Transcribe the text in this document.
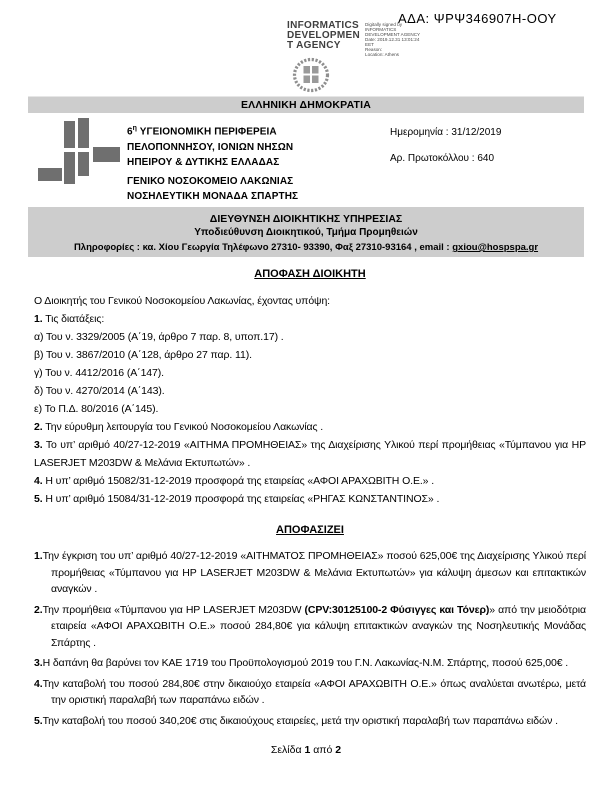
ΑΔΑ: ΨΡΨ346907Η-ΟΟΥ
INFORMATICS
DEVELOPMEN
T AGENCY
Digitally signed by
INFORMATICS
DEVELOPMENT AGENCY
Date: 2019.12.31 13:01:24
EET
Reason:
Location: Athens
ΕΛΛΗΝΙΚΗ ΔΗΜΟΚΡΑΤΙΑ

$6^\eta$ ΥΓΕΙΟΝΟΜΙΚΗ ΠΕΡΙΦΕΡΕΙΑ

ΠΕΛΟΠΟΝΝΗΣΟΥ, ΙΟΝΙΩΝ ΝΗΣΩΝ

ΗΠΕΙΡΟΥ & ΔΥΤΙΚΗΣ ΕΛΛΑΔΑΣ

ΓΕΝΙΚΟ ΝΟΣΟΚΟΜΕΙΟ ΛΑΚΩΝΙΑΣ

ΝΟΣΗΛΕΥΤΙΚΗ ΜΟΝΑΔΑ ΣΠΑΡΤΗΣ

Ημερομηνία : 31/12/2019

Αρ. Πρωτοκόλλου : 640

ΔΙΕΥΘΥΝΣΗ ΔΙΟΙΚΗΤΙΚΗΣ ΥΠΗΡΕΣΙΑΣ
Υποδιεύθυνση Διοικητικού, Τμήμα Προμηθειών
Πληροφορίες : κα. Χίου Γεωργία Τηλέφωνο 27310- 93390, Φαξ 27310-93164 , email : gxiou@hospspa.gr
ΑΠΟΦΑΣΗ ΔΙΟΙΚΗΤΗ

Ο Διοικητής του Γενικού Νοσοκομείου Λακωνίας, έχοντας υπόψη:

1. Τις διατάξεις:

α) Του ν. 3329/2005 (Α΄19, άρθρο 7 παρ. 8, υποπ.17) .

β) Του ν. 3867/2010 (Α΄128, άρθρο 27 παρ. 11).

γ) Του ν. 4412/2016 (Α΄147).

δ) Του ν. 4270/2014 (Α΄143).

ε) Το Π.Δ. 80/2016 (Α΄145).

2. Την εύρυθμη λειτουργία του Γενικού Νοσοκομείου Λακωνίας .

3. Το υπ’ αριθμό 40/27-12-2019 «ΑΙΤΗΜΑ ΠΡΟΜΗΘΕΙΑΣ» της Διαχείρισης Υλικού περί προμήθειας «Τύμπανου για HP LASERJET M203DW & Μελάνια Εκτυπωτών» .

4. Η υπ’ αριθμό 15082/31-12-2019 προσφορά της εταιρείας «ΑΦΟΙ ΑΡΑΧΩΒΙΤΗ Ο.Ε.» .

5. Η υπ’ αριθμό 15084/31-12-2019 προσφορά της εταιρείας «ΡΗΓΑΣ ΚΩΝΣΤΑΝΤΙΝΟΣ» .

ΑΠΟΦΑΣΙΖΕΙ

1.Την έγκριση του υπ’ αριθμό 40/27-12-2019 «ΑΙΤΗΜΑΤΟΣ ΠΡΟΜΗΘΕΙΑΣ» ποσού 625,00€ της Διαχείρισης Υλικού περί προμήθειας «Τύμπανου για HP LASERJET M203DW & Μελάνια Εκτυπωτών» για κάλυψη άμεσων και επιτακτικών αναγκών .

2.Την προμήθεια «Τύμπανου για HP LASERJET M203DW (CPV:30125100-2 Φύσιγγες και Τόνερ)» από την μειοδότρια εταιρεία «ΑΦΟΙ ΑΡΑΧΩΒΙΤΗ Ο.Ε.» ποσού 284,80€ για κάλυψη επιτακτικών αναγκών της Νοσηλευτικής Μονάδας Σπάρτης .

3.Η δαπάνη θα βαρύνει τον ΚΑΕ 1719 του Προϋπολογισμού 2019 του Γ.Ν. Λακωνίας-Ν.Μ. Σπάρτης, ποσού 625,00€ .

4.Την καταβολή του ποσού 284,80€ στην δικαιούχο εταιρεία «ΑΦΟΙ ΑΡΑΧΩΒΙΤΗ Ο.Ε.» όπως αναλύεται ανωτέρω, μετά την οριστική παραλαβή των παραπάνω ειδών .

5.Την καταβολή του ποσού 340,20€ στις δικαιούχους εταιρείες, μετά την οριστική παραλαβή των παραπάνω ειδών .

Σελίδα 1 από 2
